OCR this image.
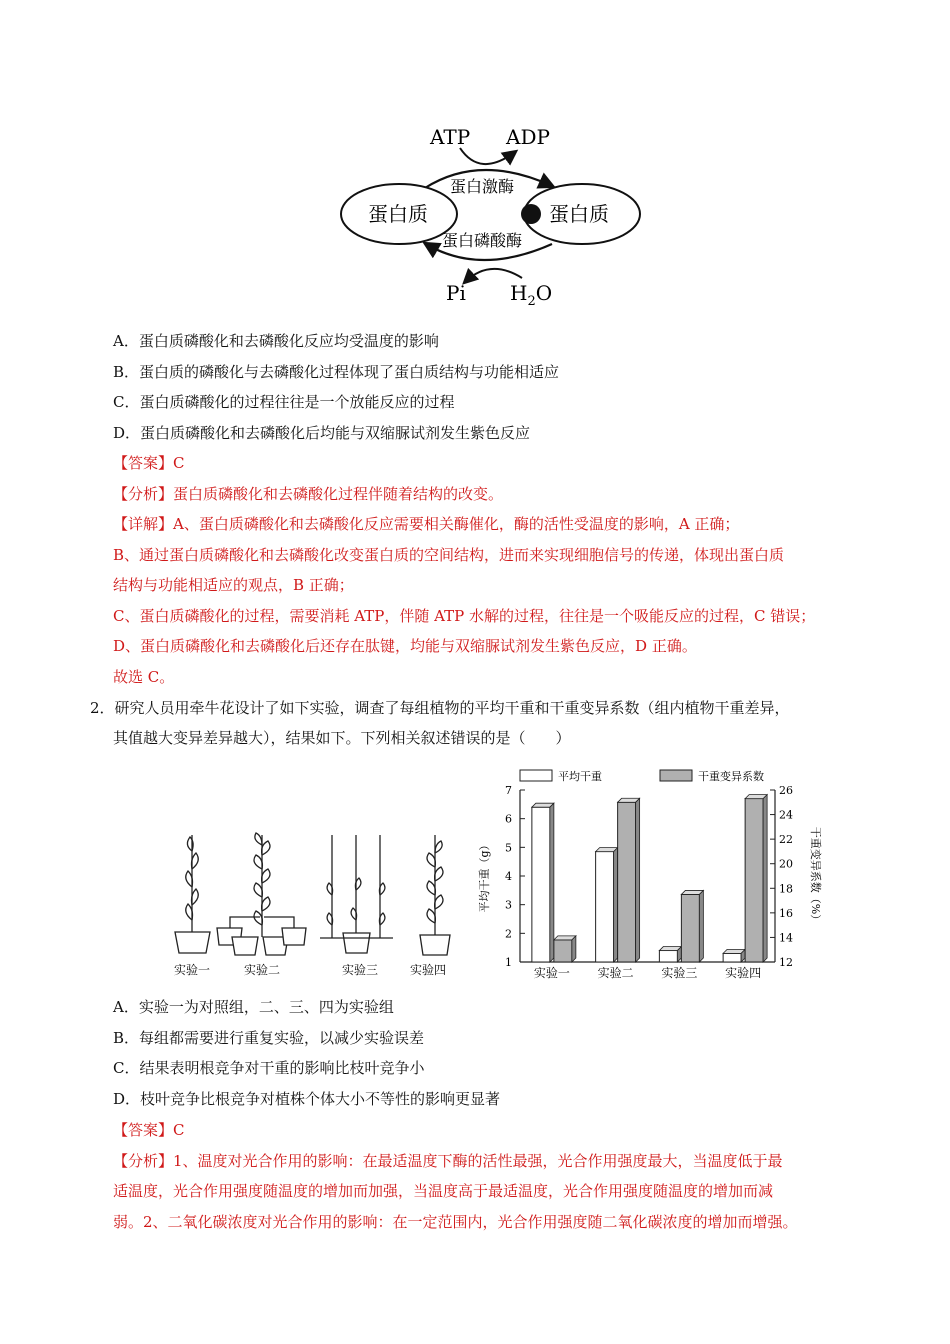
ATP ADP
蛋白激酶
蛋白质	蛋白质
蛋白磷酸酶
Pi $H_2O$
A．蛋白质磷酸化和去磷酸化反应均受温度的影响
B．蛋白质的磷酸化与去磷酸化过程体现了蛋白质结构与功能相适应
C．蛋白质磷酸化的过程往往是一个放能反应的过程
D．蛋白质磷酸化和去磷酸化后均能与双缩脲试剂发生紫色反应
【答案】C
【分析】蛋白质磷酸化和去磷酸化过程伴随着结构的改变。
【详解】A、蛋白质磷酸化和去磷酸化反应需要相关酶催化，酶的活性受温度的影响，A 正确；
B、通过蛋白质磷酸化和去磷酸化改变蛋白质的空间结构，进而来实现细胞信号的传递，体现出蛋白质
结构与功能相适应的观点，B 正确；
C、蛋白质磷酸化的过程，需要消耗 ATP，伴随 ATP 水解的过程，往往是一个吸能反应的过程，C 错误；
D、蛋白质磷酸化和去磷酸化后还存在肽键，均能与双缩脲试剂发生紫色反应，D 正确。
故选 C。
2．研究人员用牵牛花设计了如下实验，调查了每组植物的平均干重和干重变异系数（组内植物干重差异，
其值越大变异差异越大），结果如下。下列相关叙述错误的是（　　）
实验一	实验二	实验三	实验四
1
2
3
4
5
6
7
12
14
16
18
20
22
24
26
平均干重（g）	干重变异系数（%）
实验一 实验二 实验三 实验四
平均干重	干重变异系数
A．实验一为对照组，二、三、四为实验组
B．每组都需要进行重复实验，以减少实验误差
C．结果表明根竞争对干重的影响比枝叶竞争小
D．枝叶竞争比根竞争对植株个体大小不等性的影响更显著
【答案】C
【分析】1、温度对光合作用的影响：在最适温度下酶的活性最强，光合作用强度最大，当温度低于最
适温度，光合作用强度随温度的增加而加强，当温度高于最适温度，光合作用强度随温度的增加而减
弱。2、二氧化碳浓度对光合作用的影响：在一定范围内，光合作用强度随二氧化碳浓度的增加而增强。
